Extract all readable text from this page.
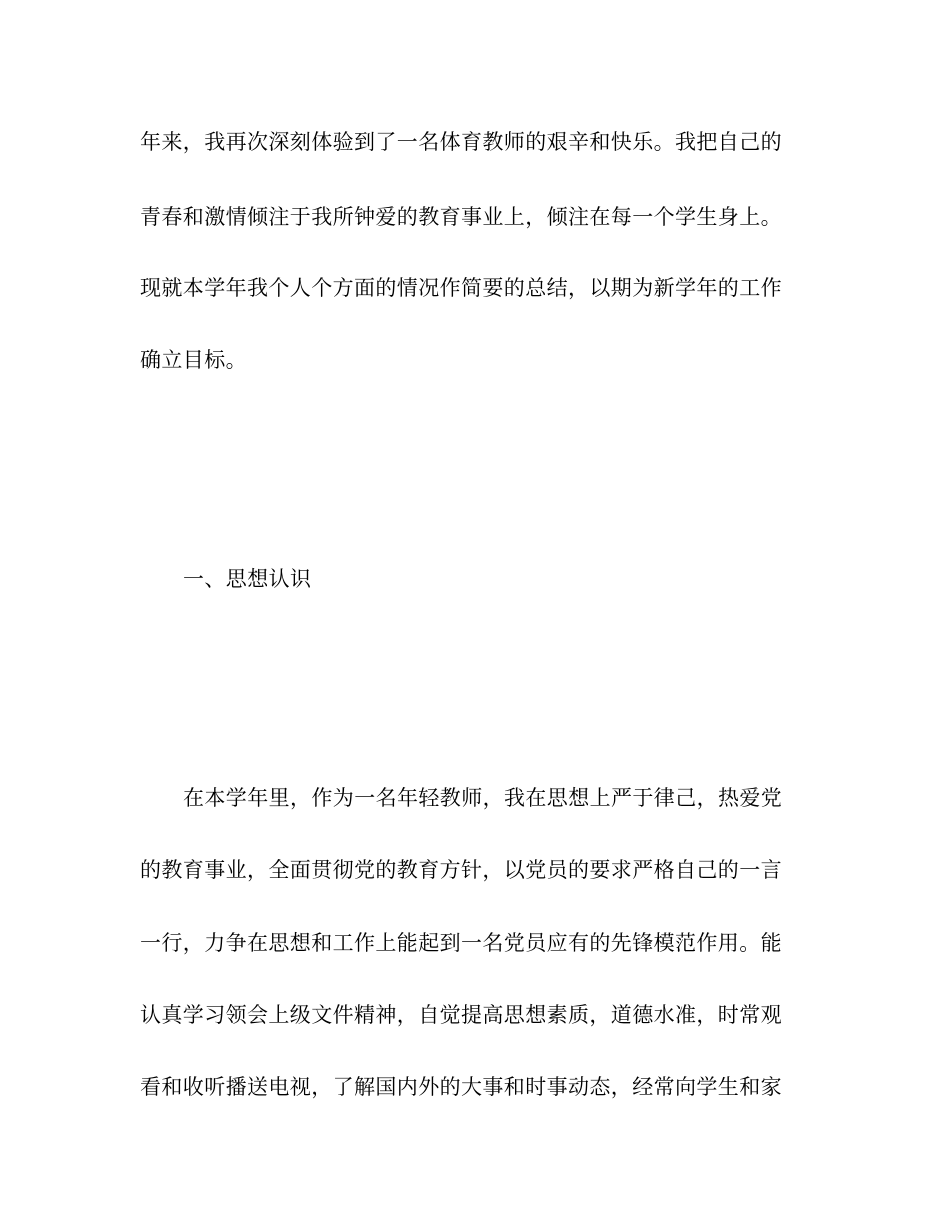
年来，我再次深刻体验到了一名体育教师的艰辛和快乐。我把自己的
青春和激情倾注于我所钟爱的教育事业上，倾注在每一个学生身上。
现就本学年我个人个方面的情况作简要的总结，以期为新学年的工作
确立目标。
一、思想认识
在本学年里，作为一名年轻教师，我在思想上严于律己，热爱党
的教育事业，全面贯彻党的教育方针，以党员的要求严格自己的一言
一行，力争在思想和工作上能起到一名党员应有的先锋模范作用。能
认真学习领会上级文件精神，自觉提高思想素质，道德水准，时常观
看和收听播送电视，了解国内外的大事和时事动态，经常向学生和家
